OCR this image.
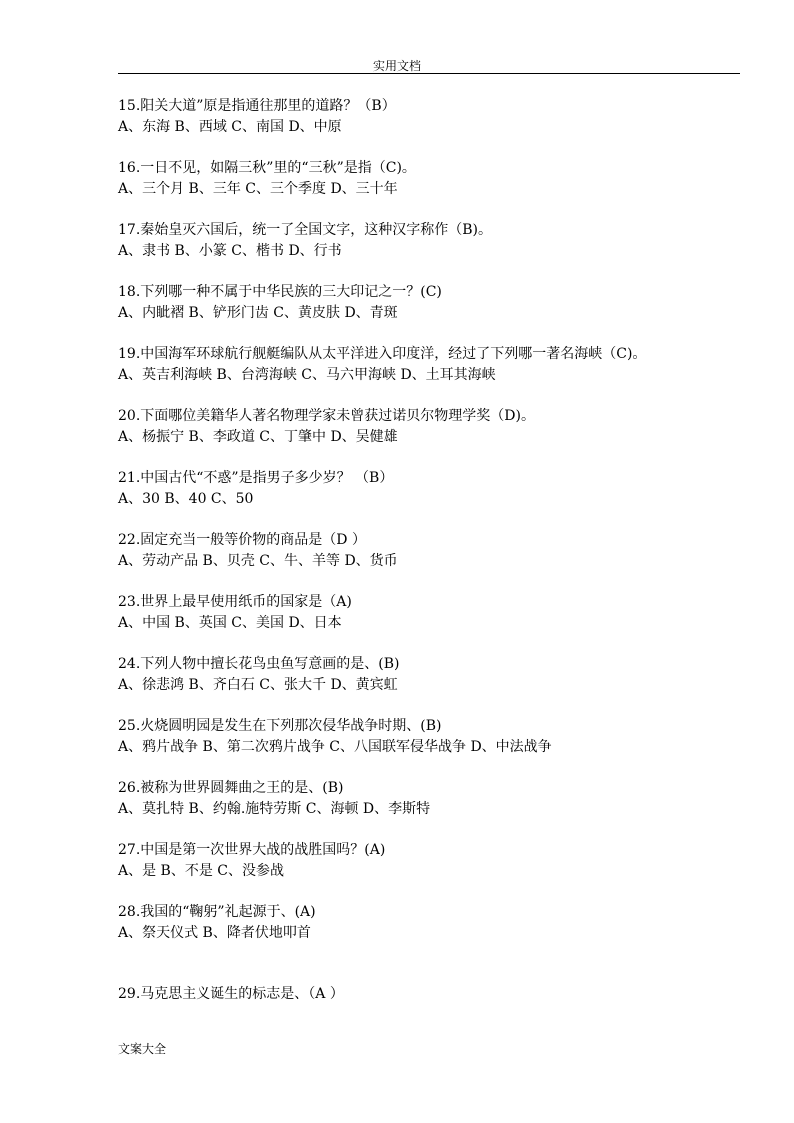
实用文档
15.阳关大道”原是指通往那里的道路？（B）
A、东海 B、西域 C、南国 D、中原
16.一日不见，如隔三秋”里的“三秋”是指（C)。
A、三个月 B、三年 C、三个季度 D、三十年
17.秦始皇灭六国后，统一了全国文字，这种汉字称作（B)。
A、隶书 B、小篆 C、楷书 D、行书
18.下列哪一种不属于中华民族的三大印记之一？(C)
A、内眦褶 B、铲形门齿 C、黄皮肤 D、青斑
19.中国海军环球航行舰艇编队从太平洋进入印度洋，经过了下列哪一著名海峡（C)。
A、英吉利海峡 B、台湾海峡 C、马六甲海峡 D、土耳其海峡
20.下面哪位美籍华人著名物理学家未曾获过诺贝尔物理学奖（D)。
A、杨振宁 B、李政道 C、丁肇中 D、吴健雄
21.中国古代“不惑”是指男子多少岁？ （B）
A、30 B、40 C、50
22.固定充当一般等价物的商品是（D ）
A、劳动产品 B、贝壳 C、牛、羊等 D、货币
23.世界上最早使用纸币的国家是（A)
A、中国 B、英国 C、美国 D、日本
24.下列人物中擅长花鸟虫鱼写意画的是、(B)
A、徐悲鸿 B、齐白石 C、张大千 D、黄宾虹
25.火烧圆明园是发生在下列那次侵华战争时期、(B)
A、鸦片战争 B、第二次鸦片战争 C、八国联军侵华战争 D、中法战争
26.被称为世界圆舞曲之王的是、(B)
A、莫扎特 B、约翰.施特劳斯 C、海顿 D、李斯特
27.中国是第一次世界大战的战胜国吗？(A)
A、是 B、不是 C、没参战
28.我国的“鞠躬”礼起源于、(A)
A、祭天仪式 B、降者伏地叩首
29.马克思主义诞生的标志是、（A ）
文案大全
